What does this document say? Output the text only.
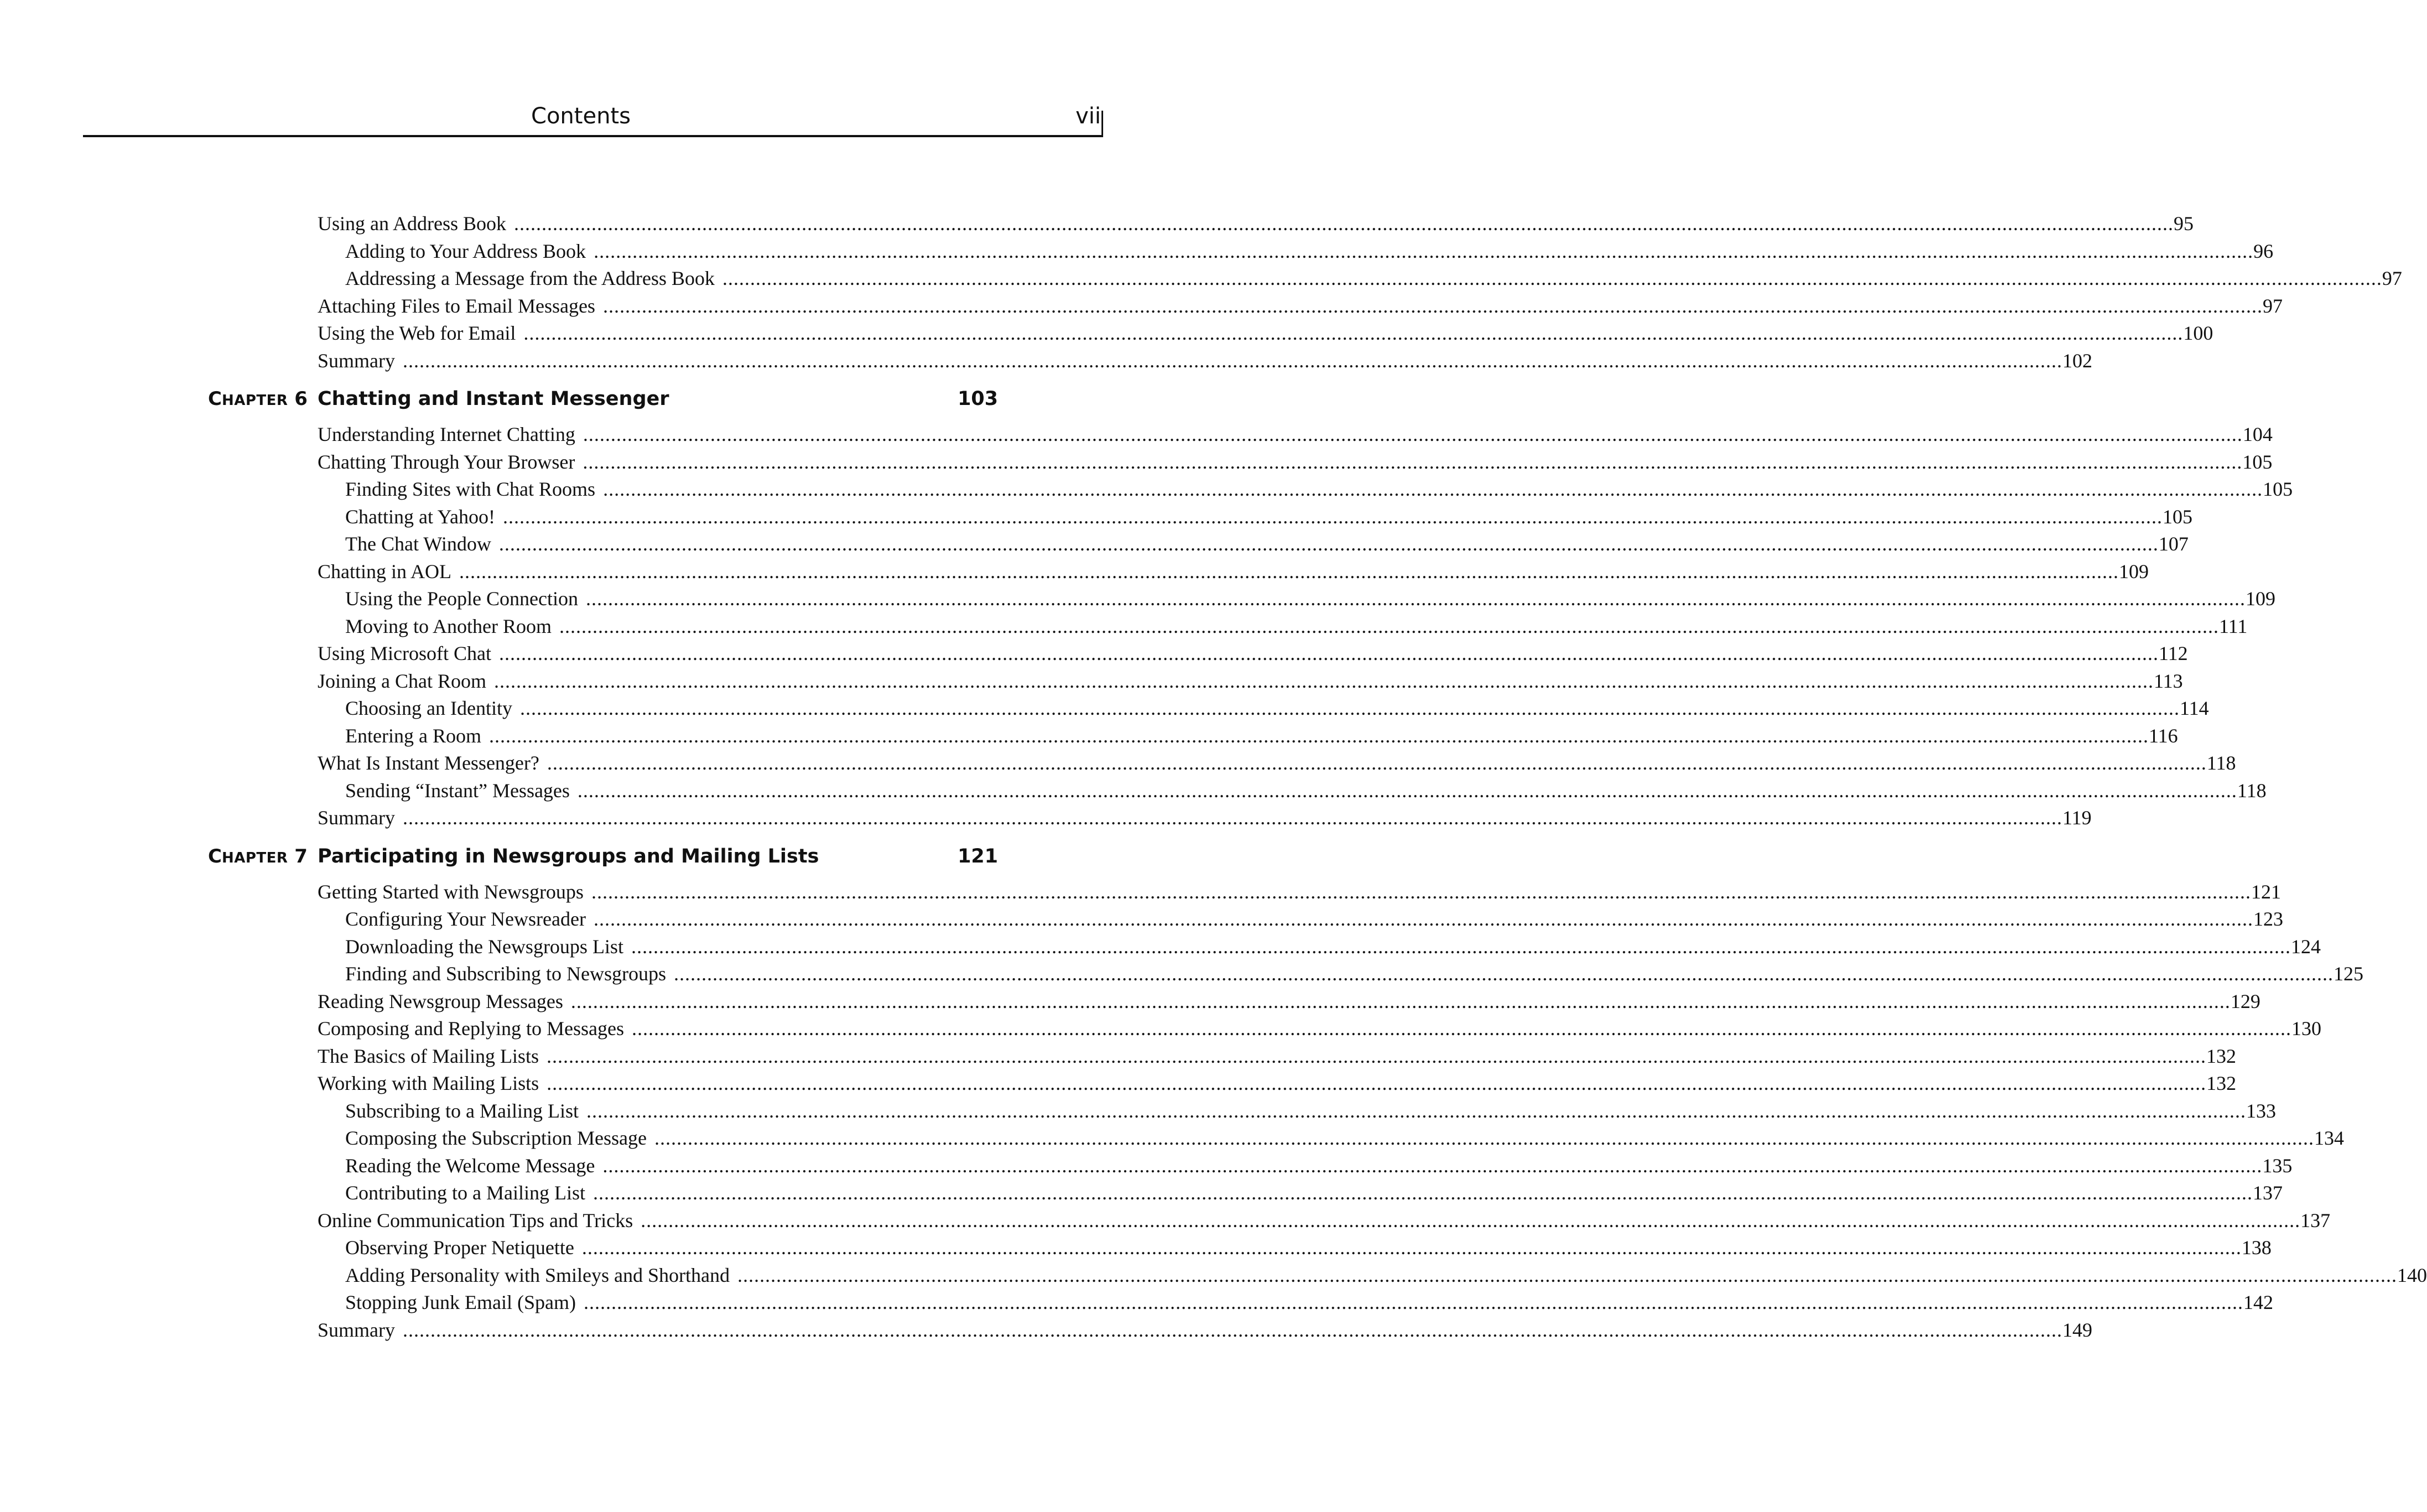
Contents	vii
Using an Address Book ............................................................................................................................................................................................................................................................................................................ 95
Adding to Your Address Book ............................................................................................................................................................................................................................................................................................................ 96
Addressing a Message from the Address Book ............................................................................................................................................................................................................................................................................................................ 97
Attaching Files to Email Messages ............................................................................................................................................................................................................................................................................................................ 97
Using the Web for Email ............................................................................................................................................................................................................................................................................................................ 100
Summary ............................................................................................................................................................................................................................................................................................................ 102
CHAPTER 6 Chatting and Instant Messenger	103
Understanding Internet Chatting ............................................................................................................................................................................................................................................................................................................ 104
Chatting Through Your Browser ............................................................................................................................................................................................................................................................................................................ 105
Finding Sites with Chat Rooms ............................................................................................................................................................................................................................................................................................................ 105
Chatting at Yahoo! ............................................................................................................................................................................................................................................................................................................ 105
The Chat Window ............................................................................................................................................................................................................................................................................................................ 107
Chatting in AOL ............................................................................................................................................................................................................................................................................................................ 109
Using the People Connection ............................................................................................................................................................................................................................................................................................................ 109
Moving to Another Room ............................................................................................................................................................................................................................................................................................................ 111
Using Microsoft Chat ............................................................................................................................................................................................................................................................................................................ 112
Joining a Chat Room ............................................................................................................................................................................................................................................................................................................ 113
Choosing an Identity ............................................................................................................................................................................................................................................................................................................ 114
Entering a Room ............................................................................................................................................................................................................................................................................................................ 116
What Is Instant Messenger? ............................................................................................................................................................................................................................................................................................................ 118
Sending “Instant” Messages ............................................................................................................................................................................................................................................................................................................ 118
Summary ............................................................................................................................................................................................................................................................................................................ 119
CHAPTER 7 Participating in Newsgroups and Mailing Lists	121
Getting Started with Newsgroups ............................................................................................................................................................................................................................................................................................................ 121
Configuring Your Newsreader ............................................................................................................................................................................................................................................................................................................ 123
Downloading the Newsgroups List ............................................................................................................................................................................................................................................................................................................ 124
Finding and Subscribing to Newsgroups ............................................................................................................................................................................................................................................................................................................ 125
Reading Newsgroup Messages ............................................................................................................................................................................................................................................................................................................ 129
Composing and Replying to Messages ............................................................................................................................................................................................................................................................................................................ 130
The Basics of Mailing Lists ............................................................................................................................................................................................................................................................................................................ 132
Working with Mailing Lists ............................................................................................................................................................................................................................................................................................................ 132
Subscribing to a Mailing List ............................................................................................................................................................................................................................................................................................................ 133
Composing the Subscription Message ............................................................................................................................................................................................................................................................................................................ 134
Reading the Welcome Message ............................................................................................................................................................................................................................................................................................................ 135
Contributing to a Mailing List ............................................................................................................................................................................................................................................................................................................ 137
Online Communication Tips and Tricks ............................................................................................................................................................................................................................................................................................................ 137
Observing Proper Netiquette ............................................................................................................................................................................................................................................................................................................ 138
Adding Personality with Smileys and Shorthand ............................................................................................................................................................................................................................................................................................................ 140
Stopping Junk Email (Spam) ............................................................................................................................................................................................................................................................................................................ 142
Summary ............................................................................................................................................................................................................................................................................................................ 149
